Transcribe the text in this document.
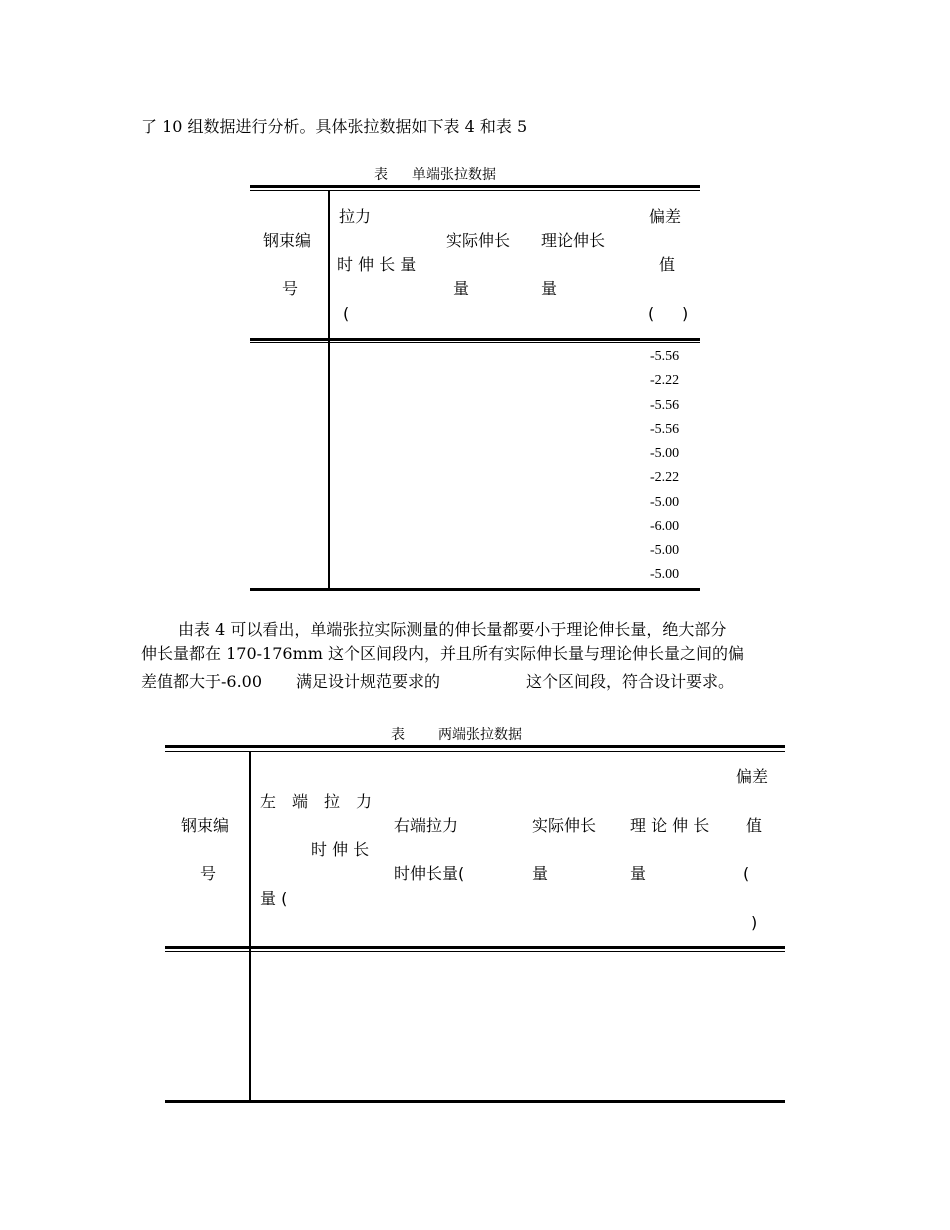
了 10 组数据进行分析。具体张拉数据如下表 4 和表 5
表 单端张拉数据
钢束编
号
拉力
时 伸 长 量
(
实际伸长
量
理论伸长
量
偏差
值
( )
-5.56
-2.22
-5.56
-5.56
-5.00
-2.22
-5.00
-6.00
-5.00
-5.00
由表 4 可以看出，单端张拉实际测量的伸长量都要小于理论伸长量，绝大部分
伸长量都在 170-176mm 这个区间段内，并且所有实际伸长量与理论伸长量之间的偏
差值都大于-6.00 满足设计规范要求的	这个区间段，符合设计要求。
表 两端张拉数据
钢束编
号
左　端　拉　力
时 伸 长
量 (
右端拉力
时伸长量(
实际伸长
量
理 论 伸 长
量
偏差
值
(
)
